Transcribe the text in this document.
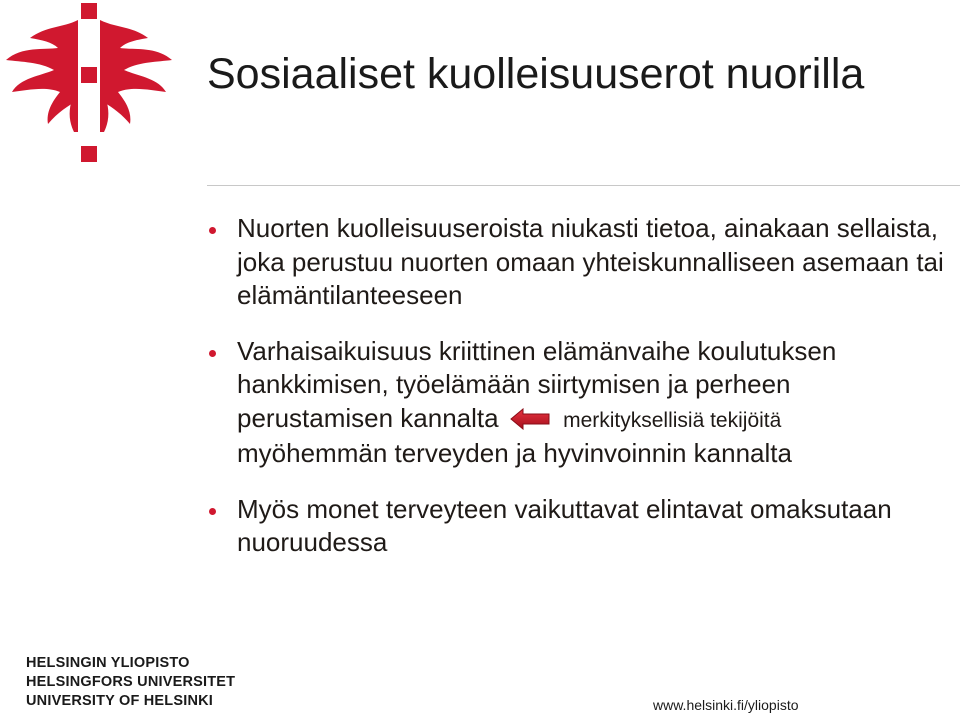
Sosiaaliset kuolleisuuserot nuorilla
Nuorten kuolleisuuseroista niukasti tietoa, ainakaan sellaista, joka perustuu nuorten omaan yhteiskunnalliseen asemaan tai elämäntilanteeseen
Varhaisaikuisuus kriittinen elämänvaihe koulutuksen
hankkimisen, työelämään siirtymisen ja perheen
perustamisen kannalta	merkityksellisiä tekijöitä
myöhemmän terveyden ja hyvinvoinnin kannalta
Myös monet terveyteen vaikuttavat elintavat omaksutaan nuoruudessa
HELSINGIN YLIOPISTO
HELSINGFORS UNIVERSITET
UNIVERSITY OF HELSINKI	www.helsinki.fi/yliopisto
